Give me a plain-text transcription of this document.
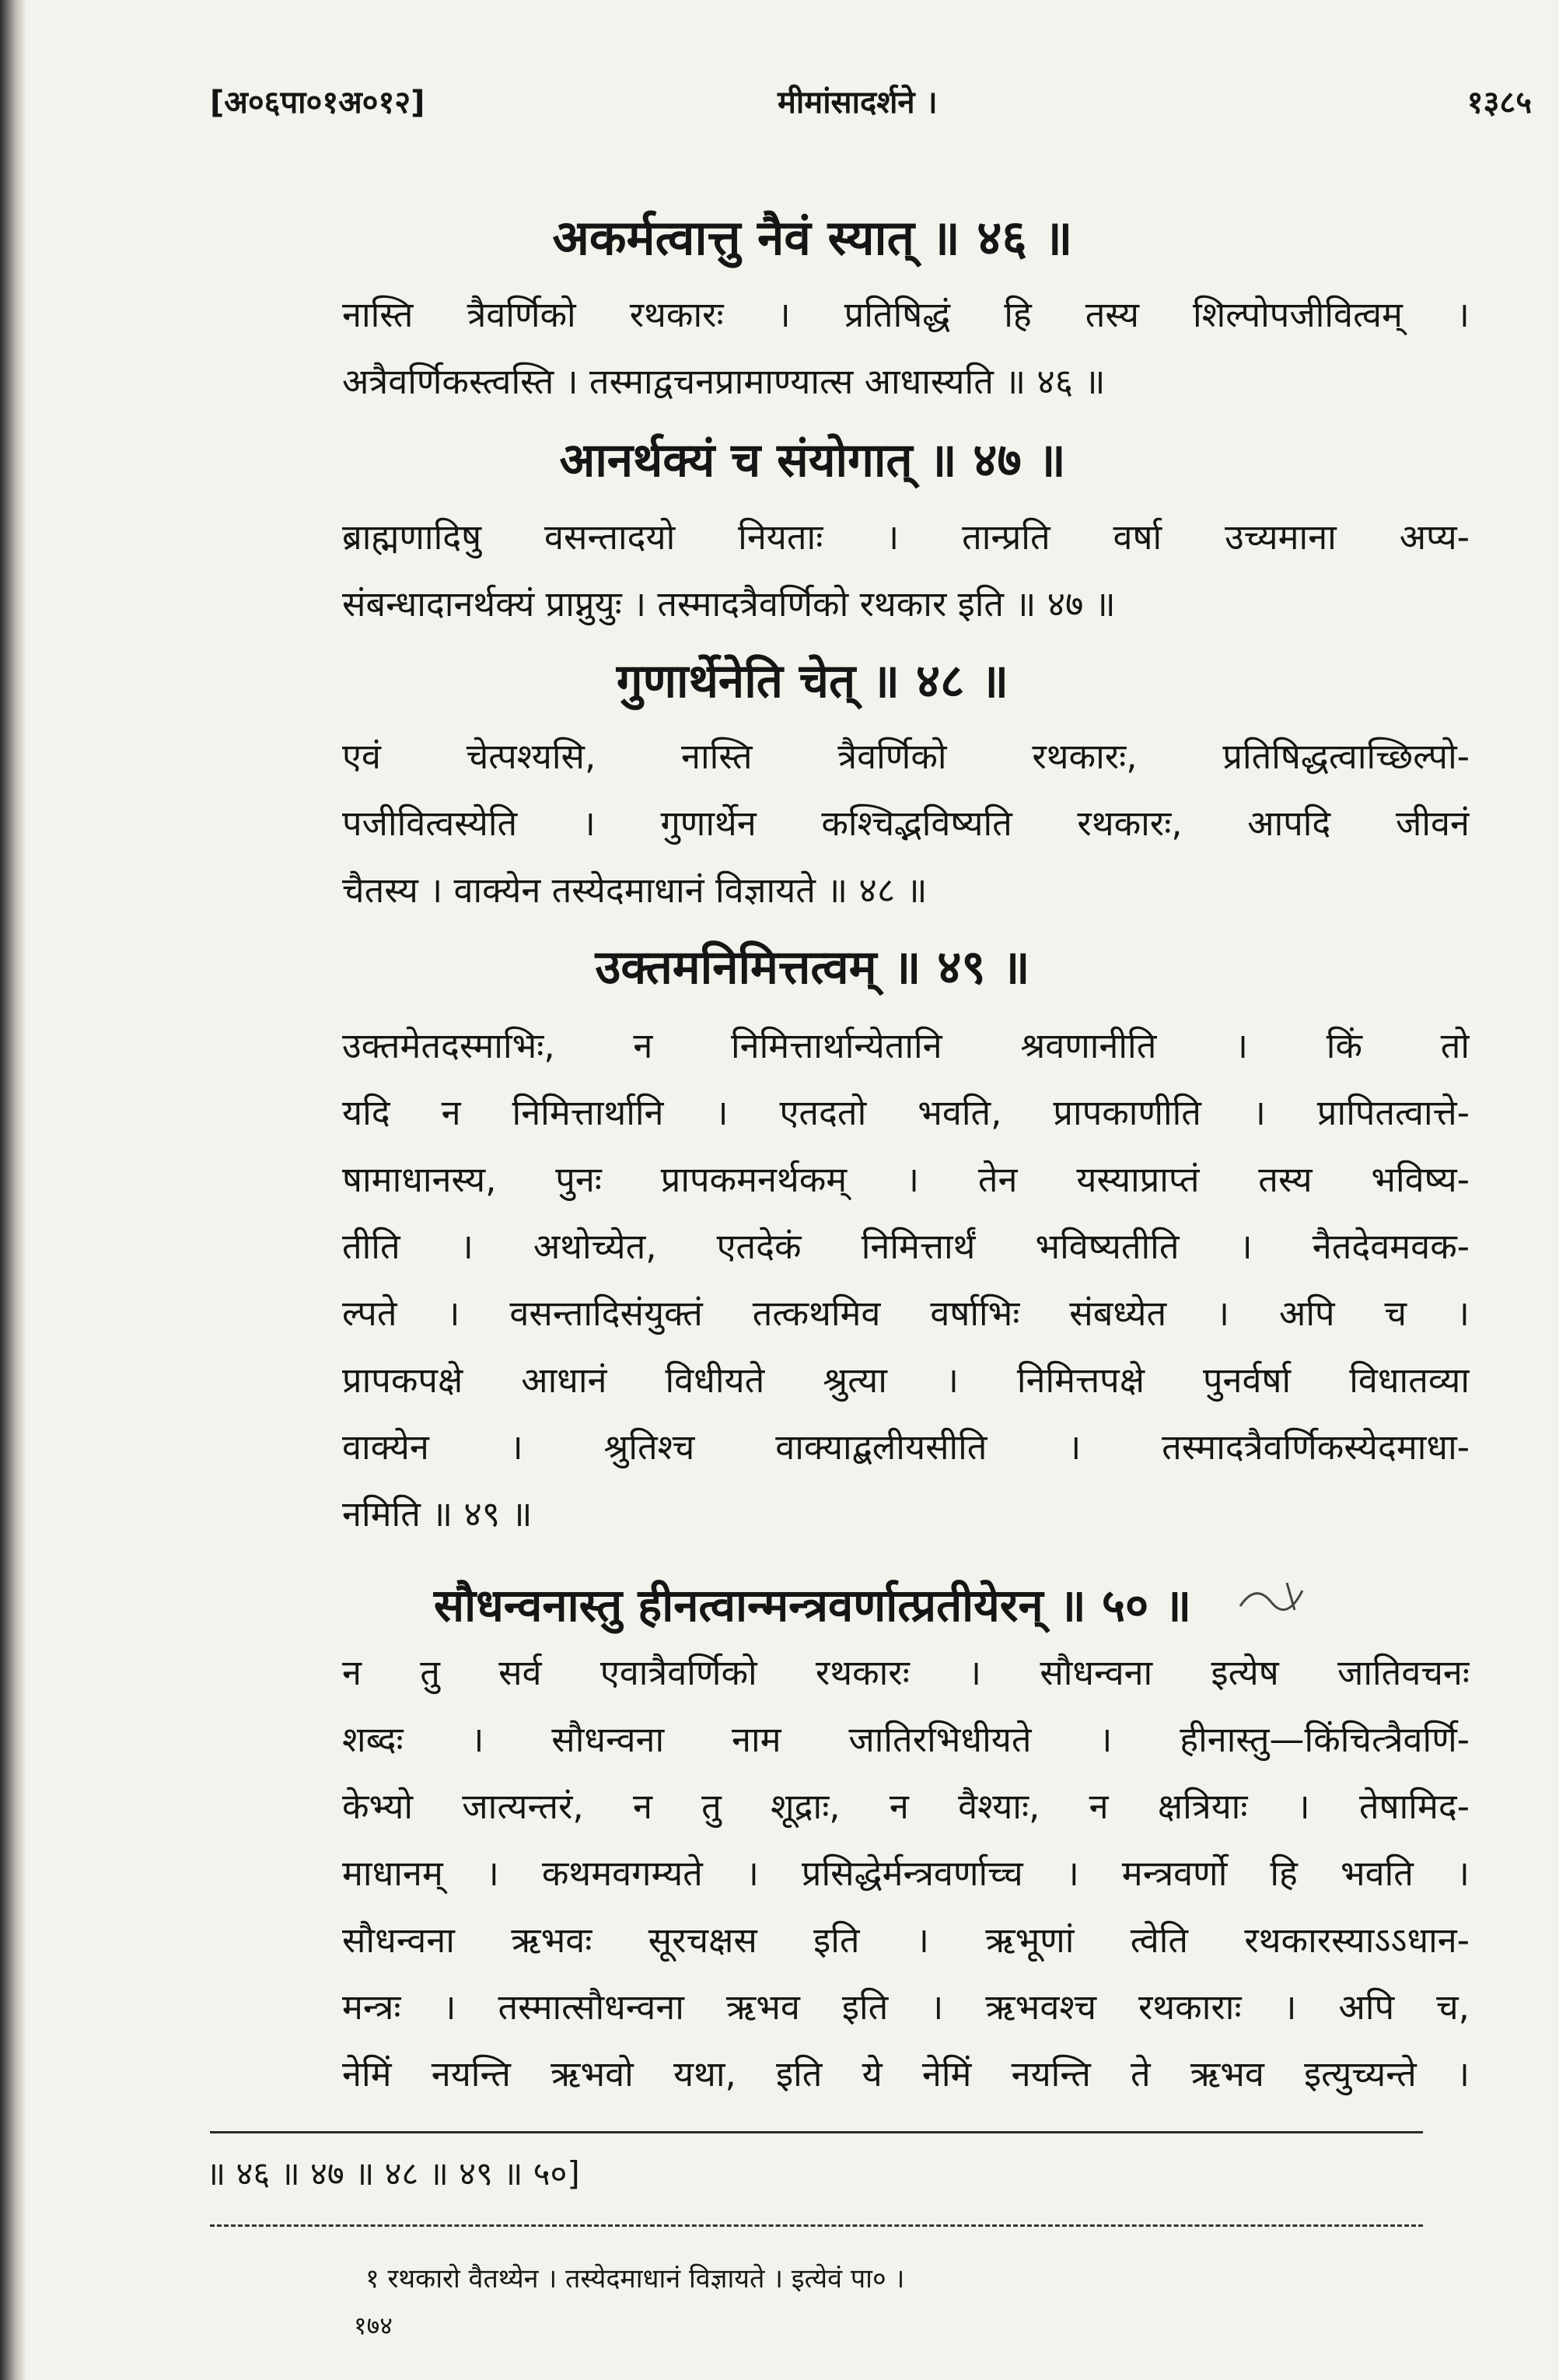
[अ०६पा०१अ०१२]	मीमांसादर्शने ।	१३८५
अकर्मत्वात्तु नैवं स्यात् ॥ ४६ ॥
नास्ति त्रैवर्णिको रथकारः । प्रतिषिद्धं हि तस्य शिल्पोपजीवित्वम् ।
अत्रैवर्णिकस्त्वस्ति । तस्माद्वचनप्रामाण्यात्स आधास्यति ॥ ४६ ॥
आनर्थक्यं च संयोगात् ॥ ४७ ॥
ब्राह्मणादिषु वसन्तादयो नियताः । तान्प्रति वर्षा उच्यमाना अप्य-
संबन्धादानर्थक्यं प्राप्नुयुः । तस्मादत्रैवर्णिको रथकार इति ॥ ४७ ॥
गुणार्थेनेति चेत् ॥ ४८ ॥
एवं चेत्पश्यसि, नास्ति त्रैवर्णिको रथकारः, प्रतिषिद्धत्वाच्छिल्पो-
पजीवित्वस्येति । गुणार्थेन कश्चिद्भविष्यति रथकारः, आपदि जीवनं
चैतस्य । वाक्येन तस्येदमाधानं विज्ञायते ॥ ४८ ॥
उक्तमनिमित्तत्वम् ॥ ४९ ॥
उक्तमेतदस्माभिः, न निमित्तार्थान्येतानि श्रवणानीति । किं तो
यदि न निमित्तार्थानि । एतदतो भवति, प्रापकाणीति । प्रापितत्वात्ते-
षामाधानस्य, पुनः प्रापकमनर्थकम् । तेन यस्याप्राप्तं तस्य भविष्य-
तीति । अथोच्येत, एतदेकं निमित्तार्थं भविष्यतीति । नैतदेवमवक-
ल्पते । वसन्तादिसंयुक्तं तत्कथमिव वर्षाभिः संबध्येत । अपि च ।
प्रापकपक्षे आधानं विधीयते श्रुत्या । निमित्तपक्षे पुनर्वर्षा विधातव्या
वाक्येन । श्रुतिश्च वाक्याद्बलीयसीति । तस्मादत्रैवर्णिकस्येदमाधा-
नमिति ॥ ४९ ॥
सौधन्वनास्तु हीनत्वान्मन्त्रवर्णात्प्रतीयेरन् ॥ ५० ॥
न तु सर्व एवात्रैवर्णिको रथकारः । सौधन्वना इत्येष जातिवचनः
शब्दः । सौधन्वना नाम जातिरभिधीयते । हीनास्तु—किंचित्त्रैवर्णि-
केभ्यो जात्यन्तरं, न तु शूद्राः, न वैश्याः, न क्षत्रियाः । तेषामिद-
माधानम् । कथमवगम्यते । प्रसिद्धेर्मन्त्रवर्णाच्च । मन्त्रवर्णो हि भवति ।
सौधन्वना ऋभवः सूरचक्षस इति । ऋभूणां त्वेति रथकारस्याऽऽधान-
मन्त्रः । तस्मात्सौधन्वना ऋभव इति । ऋभवश्च रथकाराः । अपि च,
नेमिं नयन्ति ऋभवो यथा, इति ये नेमिं नयन्ति ते ऋभव इत्युच्यन्ते ।
॥ ४६ ॥ ४७ ॥ ४८ ॥ ४९ ॥ ५०]
१ रथकारो वैतथ्येन । तस्येदमाधानं विज्ञायते । इत्येवं पा० ।
१७४
